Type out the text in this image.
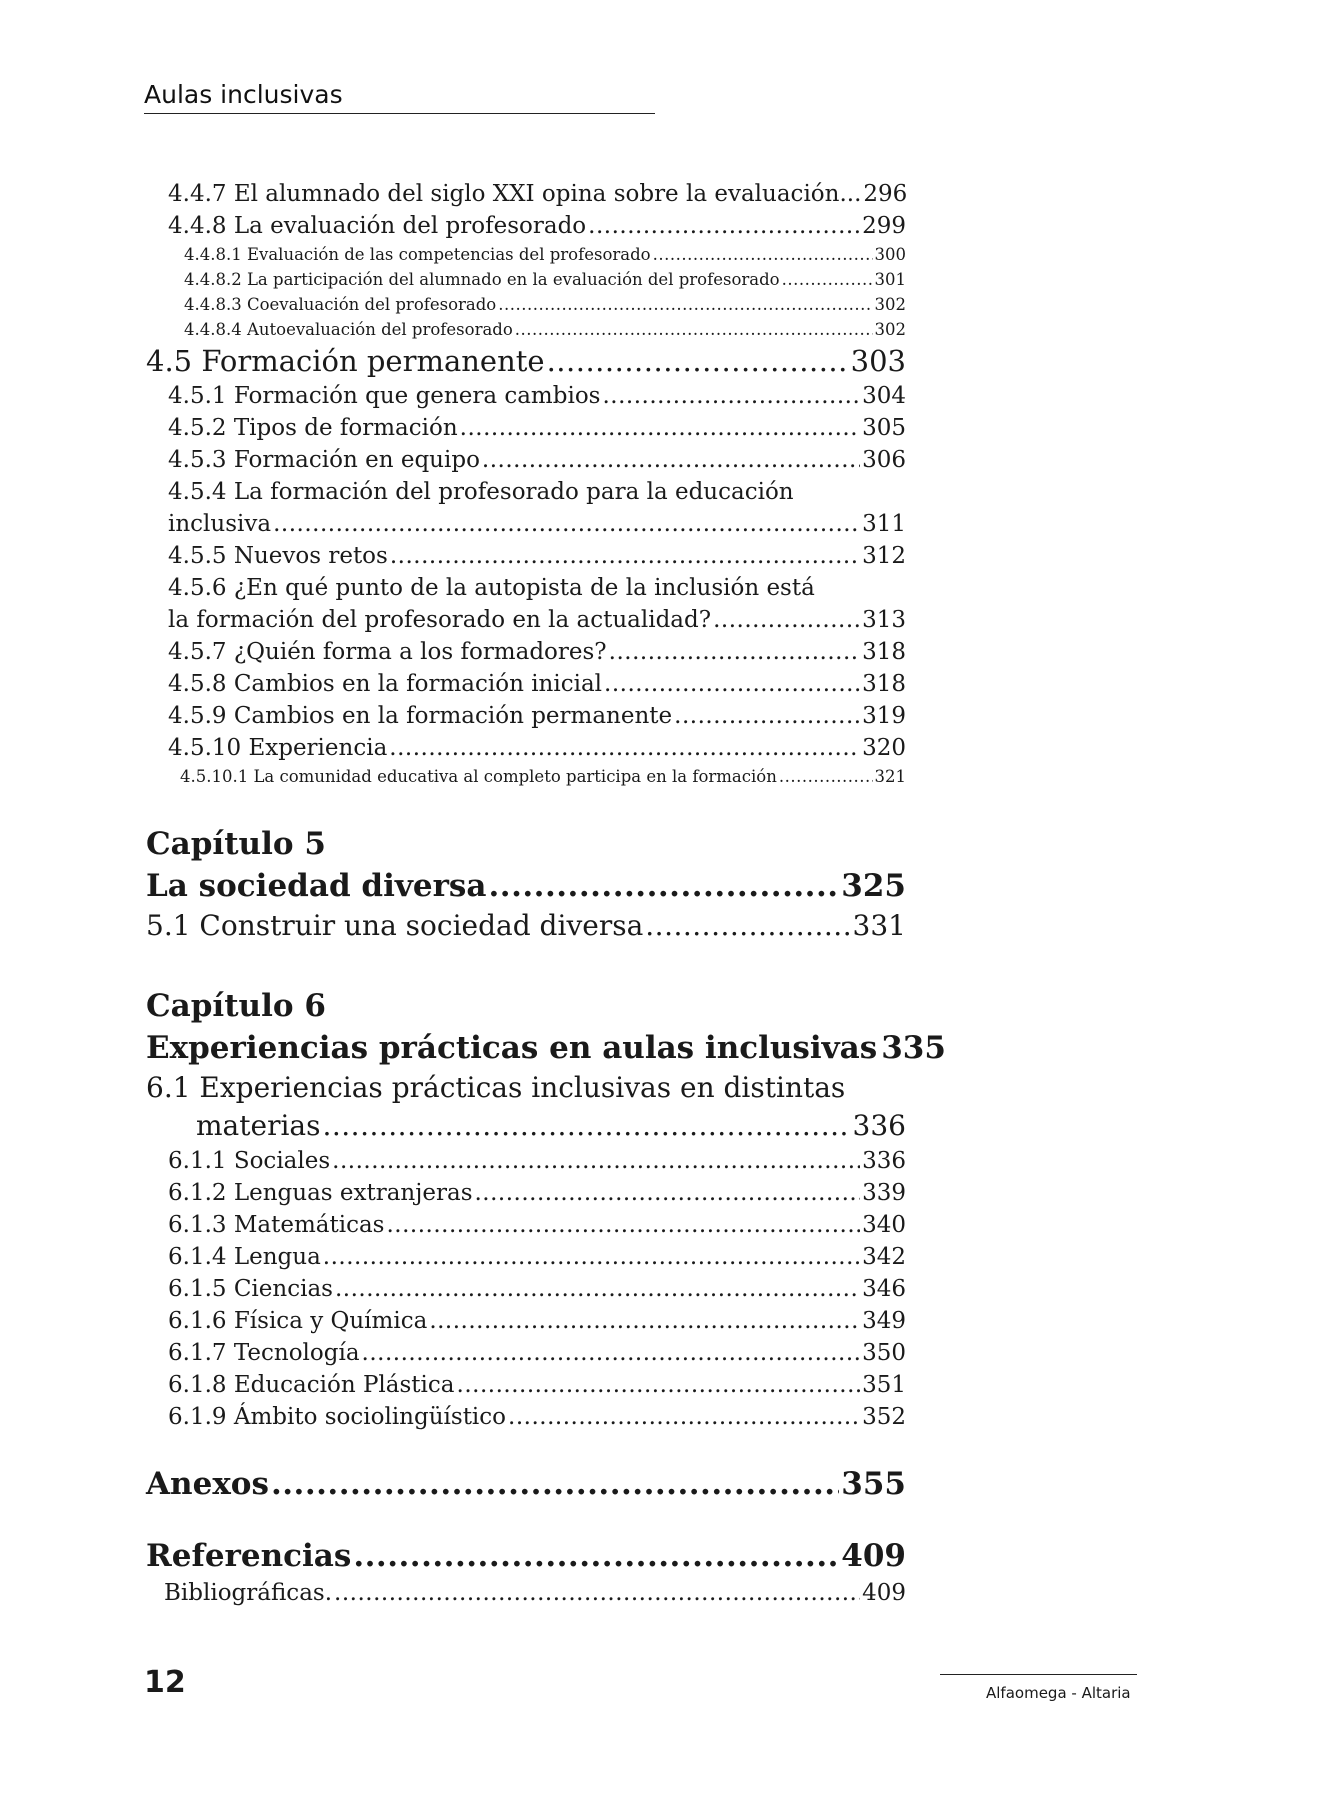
Aulas inclusivas
4.4.7 El alumnado del siglo XXI opina sobre la evaluación... 296
4.4.8 La evaluación del profesorado .....	299
4.4.8.1 Evaluación de las competencias del profesorado .....	300
4.4.8.2 La participación del alumnado en la evaluación del profesorado .....	301
4.4.8.3 Coevaluación del profesorado .....	302
4.4.8.4 Autoevaluación del profesorado .....	302
4.5 Formación permanente .....	303
4.5.1 Formación que genera cambios .....	304
4.5.2 Tipos de formación .....	305
4.5.3 Formación en equipo .....	306
4.5.4 La formación del profesorado para la educación
inclusiva .....	311
4.5.5 Nuevos retos .....	312
4.5.6 ¿En qué punto de la autopista de la inclusión está
la formación del profesorado en la actualidad? .....	313
4.5.7 ¿Quién forma a los formadores? .....	318
4.5.8 Cambios en la formación inicial .....	318
4.5.9 Cambios en la formación permanente .....	319
4.5.10 Experiencia .....	320
4.5.10.1 La comunidad educativa al completo participa en la formación .....	321
Capítulo 5
La sociedad diversa .....	325
5.1 Construir una sociedad diversa .....	331
Capítulo 6
Experiencias prácticas en aulas inclusivas 335
6.1 Experiencias prácticas inclusivas en distintas
materias .....	336
6.1.1 Sociales .....	336
6.1.2 Lenguas extranjeras .....	339
6.1.3 Matemáticas .....	340
6.1.4 Lengua .....	342
6.1.5 Ciencias .....	346
6.1.6 Física y Química .....	349
6.1.7 Tecnología .....	350
6.1.8 Educación Plástica .....	351
6.1.9 Ámbito sociolingüístico .....	352
Anexos .....	355
Referencias .....	409
Bibliográficas. .....	409
12	Alfaomega - Altaria
